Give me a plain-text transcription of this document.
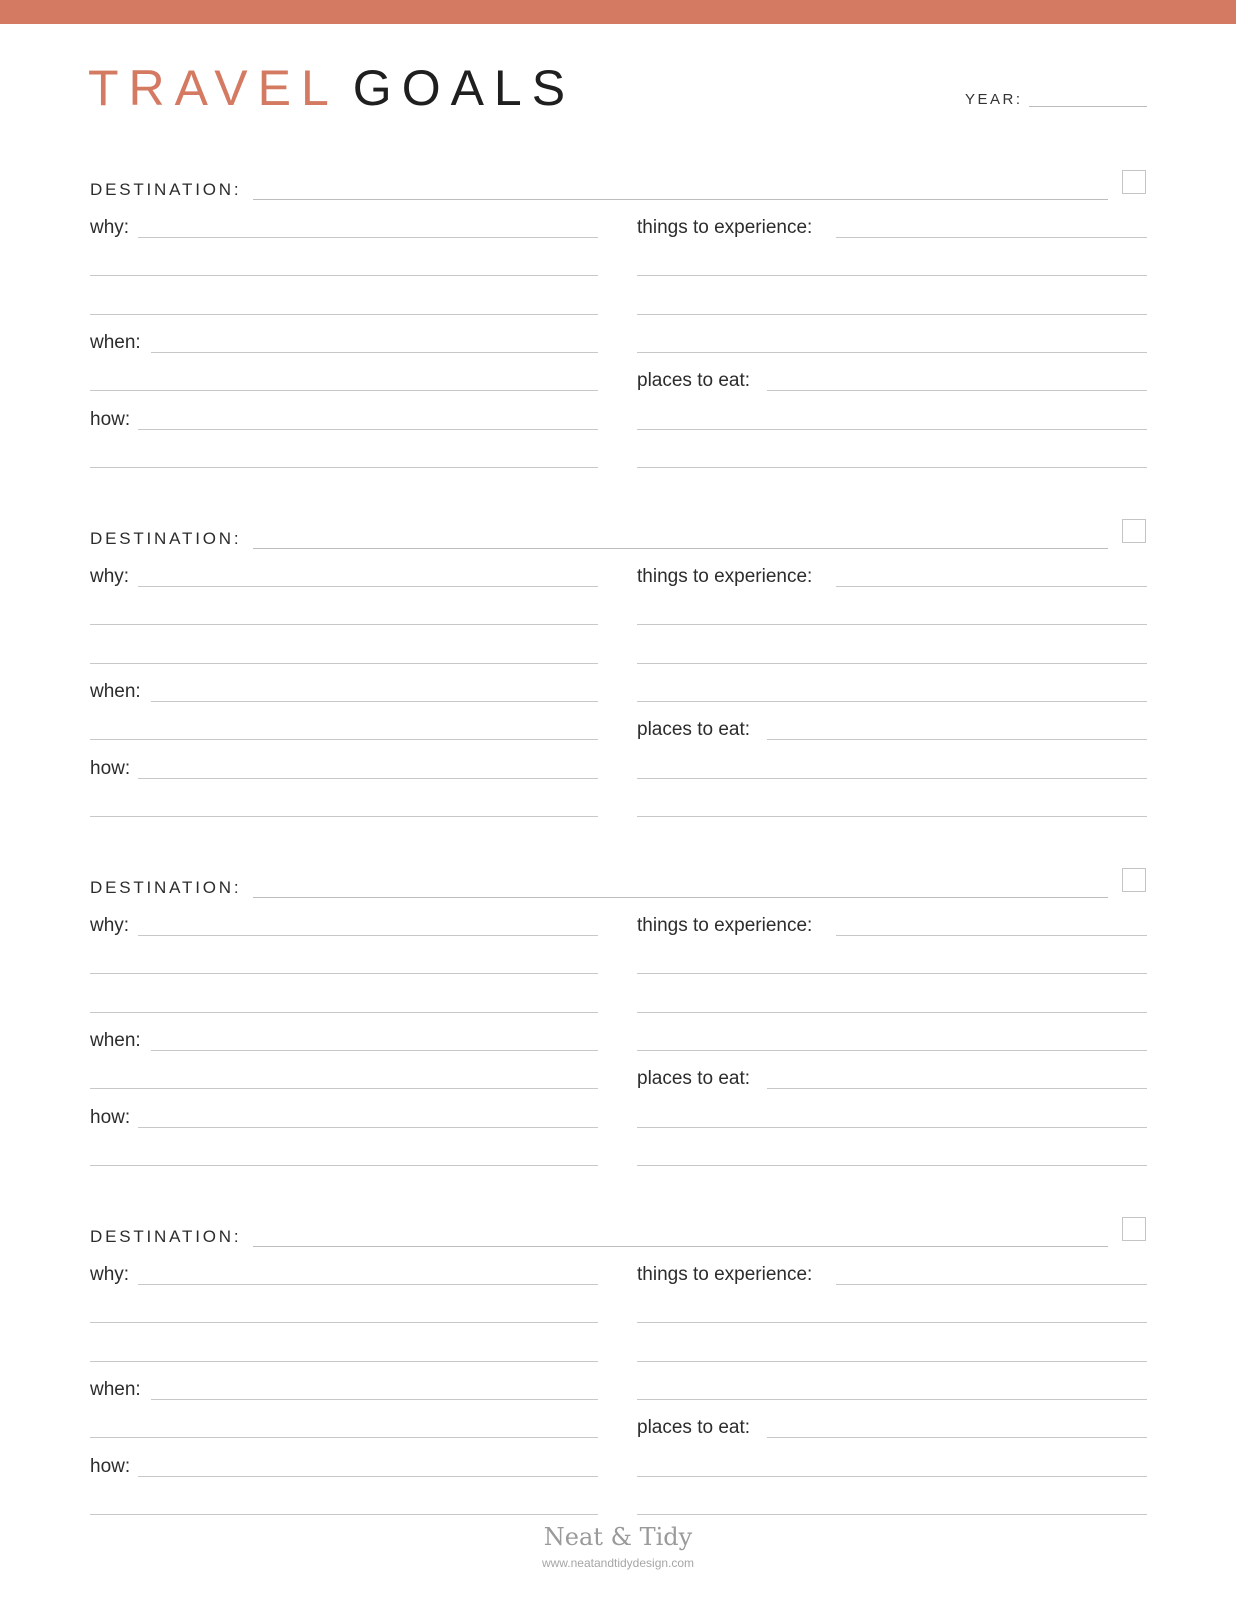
TRAVEL GOALS	YEAR:
DESTINATION:
why:
when:
how:
things to experience:
places to eat:
DESTINATION:
why:
when:
how:
things to experience:
places to eat:
DESTINATION:
why:
when:
how:
things to experience:
places to eat:
DESTINATION:
why:
when:
how:
things to experience:
places to eat:
Neat & Tidy
www.neatandtidydesign.com
